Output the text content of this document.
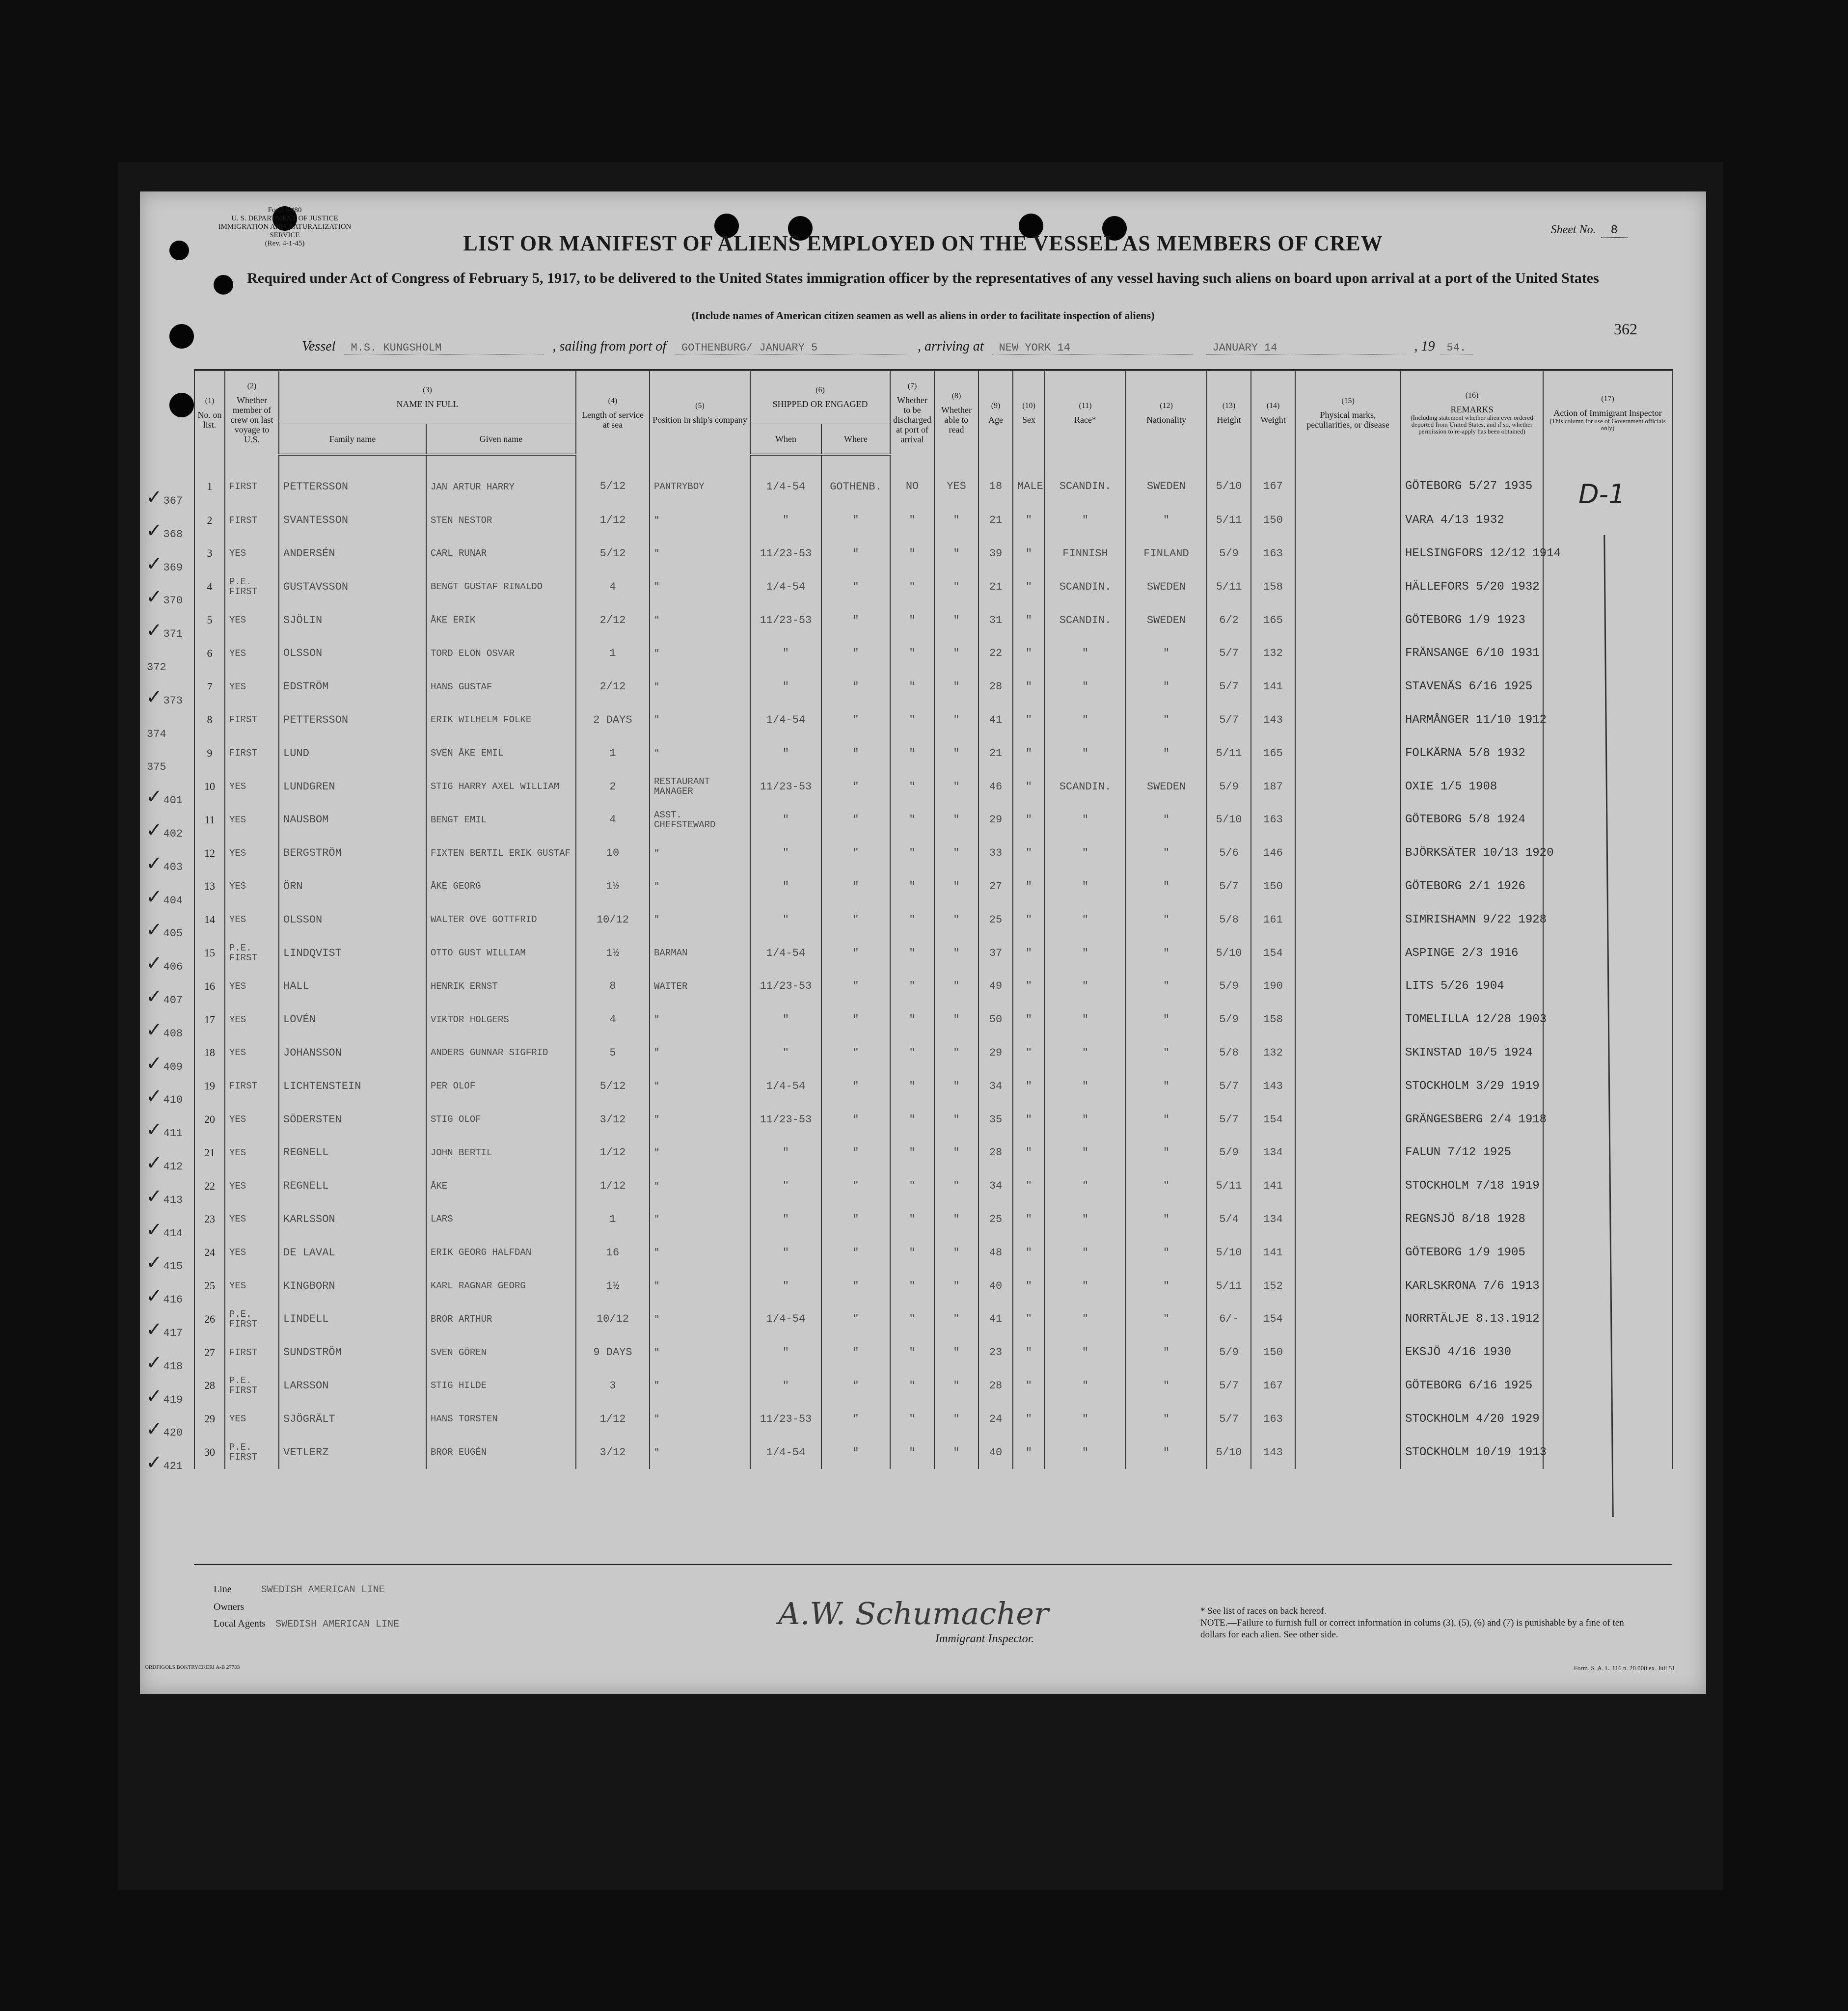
Form I-480
U. S. DEPARTMENT OF JUSTICE
IMMIGRATION AND NATURALIZATION SERVICE
(Rev. 4-1-45)
Sheet No. 8
LIST OR MANIFEST OF ALIENS EMPLOYED ON THE VESSEL AS MEMBERS OF CREW
Required under Act of Congress of February 5, 1917, to be delivered to the United States immigration officer by the representatives of any vessel having such aliens on board upon arrival at a port of the United States
(Include names of American citizen seamen as well as aliens in order to facilitate inspection of aliens)
362
Vessel M.S. KUNGSHOLM	, sailing from port of GOTHENBURG/ JANUARY 5	, arriving at NEW YORK 14	JANUARY 14	, 19 54.
(1)
No. on list.	(2)
Whether member of crew on last voyage to U.S.	(3)
NAME IN FULL		(4)
Length of service at sea	(5)
Position in ship's company	(6)
SHIPPED OR ENGAGED		(7)
Whether to be discharged at port of arrival	(8)
Whether able to read	(9)
Age	(10)
Sex	(11)
Race*	(12)
Nationality	(13)
Height	(14)
Weight	(15)
Physical marks, peculiarities, or disease	(16)
REMARKS

(Including statement whether alien ever ordered deported from United States, and if so, whether permission to re-apply has been obtained)	(17)
Action of Immigrant Inspector

(This column for use of Government officials only)

		Family name	Given name			When	Where											
1	FIRST	PETTERSSON	JAN ARTUR HARRY	5/12	PANTRYBOY	1/4-54	GOTHENB.	NO	YES	18	MALE	SCANDIN.	SWEDEN	5/10	167		GÖTEBORG 5/27 1935	
2	FIRST	SVANTESSON	STEN NESTOR	1/12	"	"	"	"	"	21	"	"	"	5/11	150		VARA 4/13 1932	
3	YES	ANDERSÉN	CARL RUNAR	5/12	"	11/23-53	"	"	"	39	"	FINNISH	FINLAND	5/9	163		HELSINGFORS 12/12 1914	
4	P.E. FIRST	GUSTAVSSON	BENGT GUSTAF RINALDO	4	"	1/4-54	"	"	"	21	"	SCANDIN.	SWEDEN	5/11	158		HÄLLEFORS 5/20 1932	
5	YES	SJÖLIN	ÅKE ERIK	2/12	"	11/23-53	"	"	"	31	"	SCANDIN.	SWEDEN	6/2	165		GÖTEBORG 1/9 1923	
6	YES	OLSSON	TORD ELON OSVAR	1	"	"	"	"	"	22	"	"	"	5/7	132		FRÄNSANGE 6/10 1931	
7	YES	EDSTRÖM	HANS GUSTAF	2/12	"	"	"	"	"	28	"	"	"	5/7	141		STAVENÄS 6/16 1925	
8	FIRST	PETTERSSON	ERIK WILHELM FOLKE	2 DAYS	"	1/4-54	"	"	"	41	"	"	"	5/7	143		HARMÅNGER 11/10 1912	
9	FIRST	LUND	SVEN ÅKE EMIL	1	"	"	"	"	"	21	"	"	"	5/11	165		FOLKÄRNA 5/8 1932	
10	YES	LUNDGREN	STIG HARRY AXEL WILLIAM	2	RESTAURANT MANAGER	11/23-53	"	"	"	46	"	SCANDIN.	SWEDEN	5/9	187		OXIE 1/5 1908	
11	YES	NAUSBOM	BENGT EMIL	4	ASST. CHEFSTEWARD	"	"	"	"	29	"	"	"	5/10	163		GÖTEBORG 5/8 1924	
12	YES	BERGSTRÖM	FIXTEN BERTIL ERIK GUSTAF	10	"	"	"	"	"	33	"	"	"	5/6	146		BJÖRKSÄTER 10/13 1920	
13	YES	ÖRN	ÅKE GEORG	1½	"	"	"	"	"	27	"	"	"	5/7	150		GÖTEBORG 2/1 1926	
14	YES	OLSSON	WALTER OVE GOTTFRID	10/12	"	"	"	"	"	25	"	"	"	5/8	161		SIMRISHAMN 9/22 1928	
15	P.E. FIRST	LINDQVIST	OTTO GUST WILLIAM	1½	BARMAN	1/4-54	"	"	"	37	"	"	"	5/10	154		ASPINGE 2/3 1916	
16	YES	HALL	HENRIK ERNST	8	WAITER	11/23-53	"	"	"	49	"	"	"	5/9	190		LITS 5/26 1904	
17	YES	LOVÉN	VIKTOR HOLGERS	4	"	"	"	"	"	50	"	"	"	5/9	158		TOMELILLA 12/28 1903	
18	YES	JOHANSSON	ANDERS GUNNAR SIGFRID	5	"	"	"	"	"	29	"	"	"	5/8	132		SKINSTAD 10/5 1924	
19	FIRST	LICHTENSTEIN	PER OLOF	5/12	"	1/4-54	"	"	"	34	"	"	"	5/7	143		STOCKHOLM 3/29 1919	
20	YES	SÖDERSTEN	STIG OLOF	3/12	"	11/23-53	"	"	"	35	"	"	"	5/7	154		GRÄNGESBERG 2/4 1918	
21	YES	REGNELL	JOHN BERTIL	1/12	"	"	"	"	"	28	"	"	"	5/9	134		FALUN 7/12 1925	
22	YES	REGNELL	ÅKE	1/12	"	"	"	"	"	34	"	"	"	5/11	141		STOCKHOLM 7/18 1919	
23	YES	KARLSSON	LARS	1	"	"	"	"	"	25	"	"	"	5/4	134		REGNSJÖ 8/18 1928	
24	YES	DE LAVAL	ERIK GEORG HALFDAN	16	"	"	"	"	"	48	"	"	"	5/10	141		GÖTEBORG 1/9 1905	
25	YES	KINGBORN	KARL RAGNAR GEORG	1½	"	"	"	"	"	40	"	"	"	5/11	152		KARLSKRONA 7/6 1913	
26	P.E. FIRST	LINDELL	BROR ARTHUR	10/12	"	1/4-54	"	"	"	41	"	"	"	6/-	154		NORRTÄLJE 8.13.1912	
27	FIRST	SUNDSTRÖM	SVEN GÖREN	9 DAYS	"	"	"	"	"	23	"	"	"	5/9	150		EKSJÖ 4/16 1930	
28	P.E. FIRST	LARSSON	STIG HILDE	3	"	"	"	"	"	28	"	"	"	5/7	167		GÖTEBORG 6/16 1925	
29	YES	SJÖGRÄLT	HANS TORSTEN	1/12	"	11/23-53	"	"	"	24	"	"	"	5/7	163		STOCKHOLM 4/20 1929	
30	P.E. FIRST	VETLERZ	BROR EUGÉN	3/12	"	1/4-54	"	"	"	40	"	"	"	5/10	143		STOCKHOLM 10/19 1913	
✓367
✓368
✓369
✓370
✓371
372
✓373
374
375
✓401
✓402
✓403
✓404
✓405
✓406
✓407
✓408
✓409
✓410
✓411
✓412
✓413
✓414
✓415
✓416
✓417
✓418
✓419
✓420
✓421
D-1
Line	SWEDISH AMERICAN LINE
Owners
Local Agents SWEDISH AMERICAN LINE	A.W. Schumacher
Immigrant Inspector.
* See list of races on back hereof.
NOTE.—Failure to furnish full or correct information in colums (3), (5), (6) and (7) is punishable by a fine of ten dollars for each alien. See other side.
ORDFIGOLS BOKTRYCKERI A-B 27703	Form. S. A. L. 116 n. 20 000 ex. Juli 51.
